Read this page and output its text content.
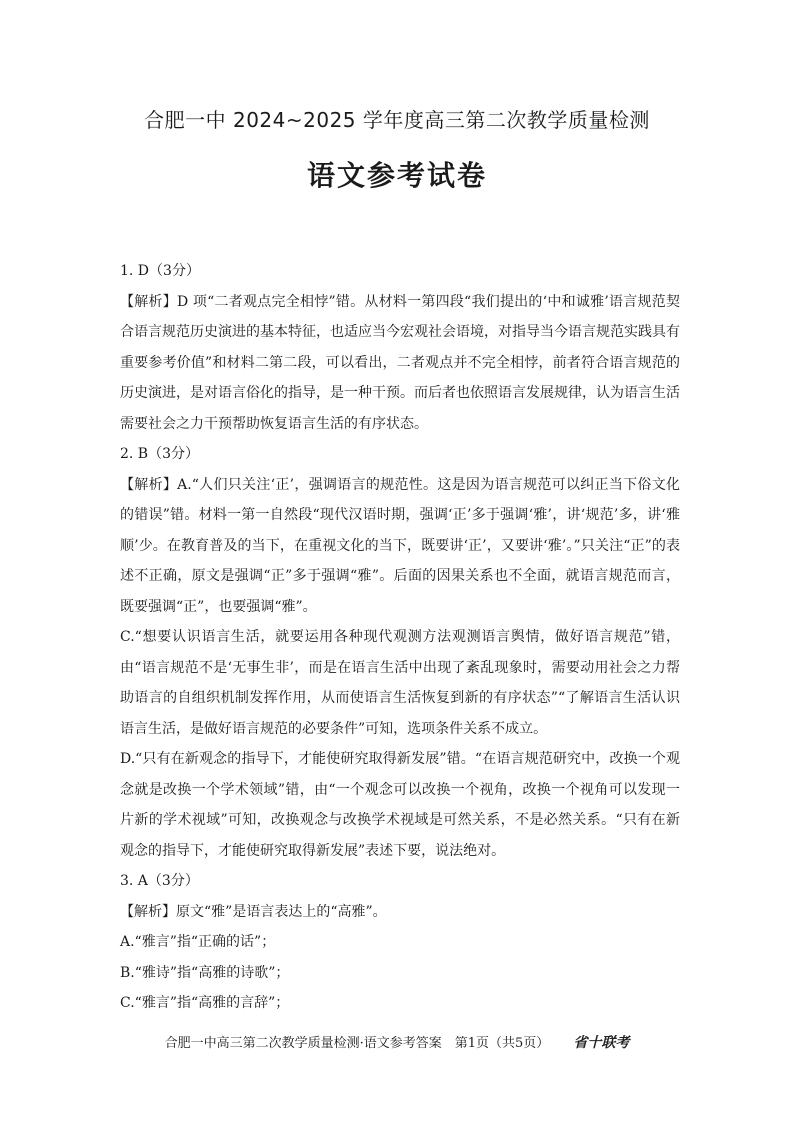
合肥一中 2024~2025 学年度高三第二次教学质量检测
语文参考试卷

1. D（3分）

【解析】D 项“二者观点完全相悖”错。从材料一第四段“我们提出的‘中和诚雅’语言规范契合语言规范历史演进的基本特征，也适应当今宏观社会语境，对指导当今语言规范实践具有重要参考价值”和材料二第二段，可以看出，二者观点并不完全相悖，前者符合语言规范的历史演进，是对语言俗化的指导，是一种干预。而后者也依照语言发展规律，认为语言生活需要社会之力干预帮助恢复语言生活的有序状态。

2. B（3分）

【解析】A.“人们只关注‘正’，强调语言的规范性。这是因为语言规范可以纠正当下俗文化的错误”错。材料一第一自然段“现代汉语时期，强调‘正’多于强调‘雅’，讲‘规范’多，讲‘雅顺’少。在教育普及的当下，在重视文化的当下，既要讲‘正’，又要讲‘雅’。”只关注“正”的表述不正确，原文是强调“正”多于强调“雅”。后面的因果关系也不全面，就语言规范而言，既要强调“正”，也要强调“雅”。

C.“想要认识语言生活，就要运用各种现代观测方法观测语言舆情，做好语言规范”错，由“语言规范不是‘无事生非’，而是在语言生活中出现了紊乱现象时，需要动用社会之力帮助语言的自组织机制发挥作用，从而使语言生活恢复到新的有序状态”“了解语言生活认识语言生活，是做好语言规范的必要条件”可知，选项条件关系不成立。

D.“只有在新观念的指导下，才能使研究取得新发展”错。“在语言规范研究中，改换一个观念就是改换一个学术领域”错，由“一个观念可以改换一个视角，改换一个视角可以发现一片新的学术视域”可知，改换观念与改换学术视域是可然关系，不是必然关系。“只有在新观念的指导下，才能使研究取得新发展”表述下要，说法绝对。

3. A（3分）

【解析】原文“雅”是语言表达上的“高雅”。

A.“雅言”指“正确的话”；

B.“雅诗”指“高雅的诗歌”；

C.“雅言”指“高雅的言辞”；

合肥一中高三第二次教学质量检测·语文参考答案　第1页（共5页） 省十联考
